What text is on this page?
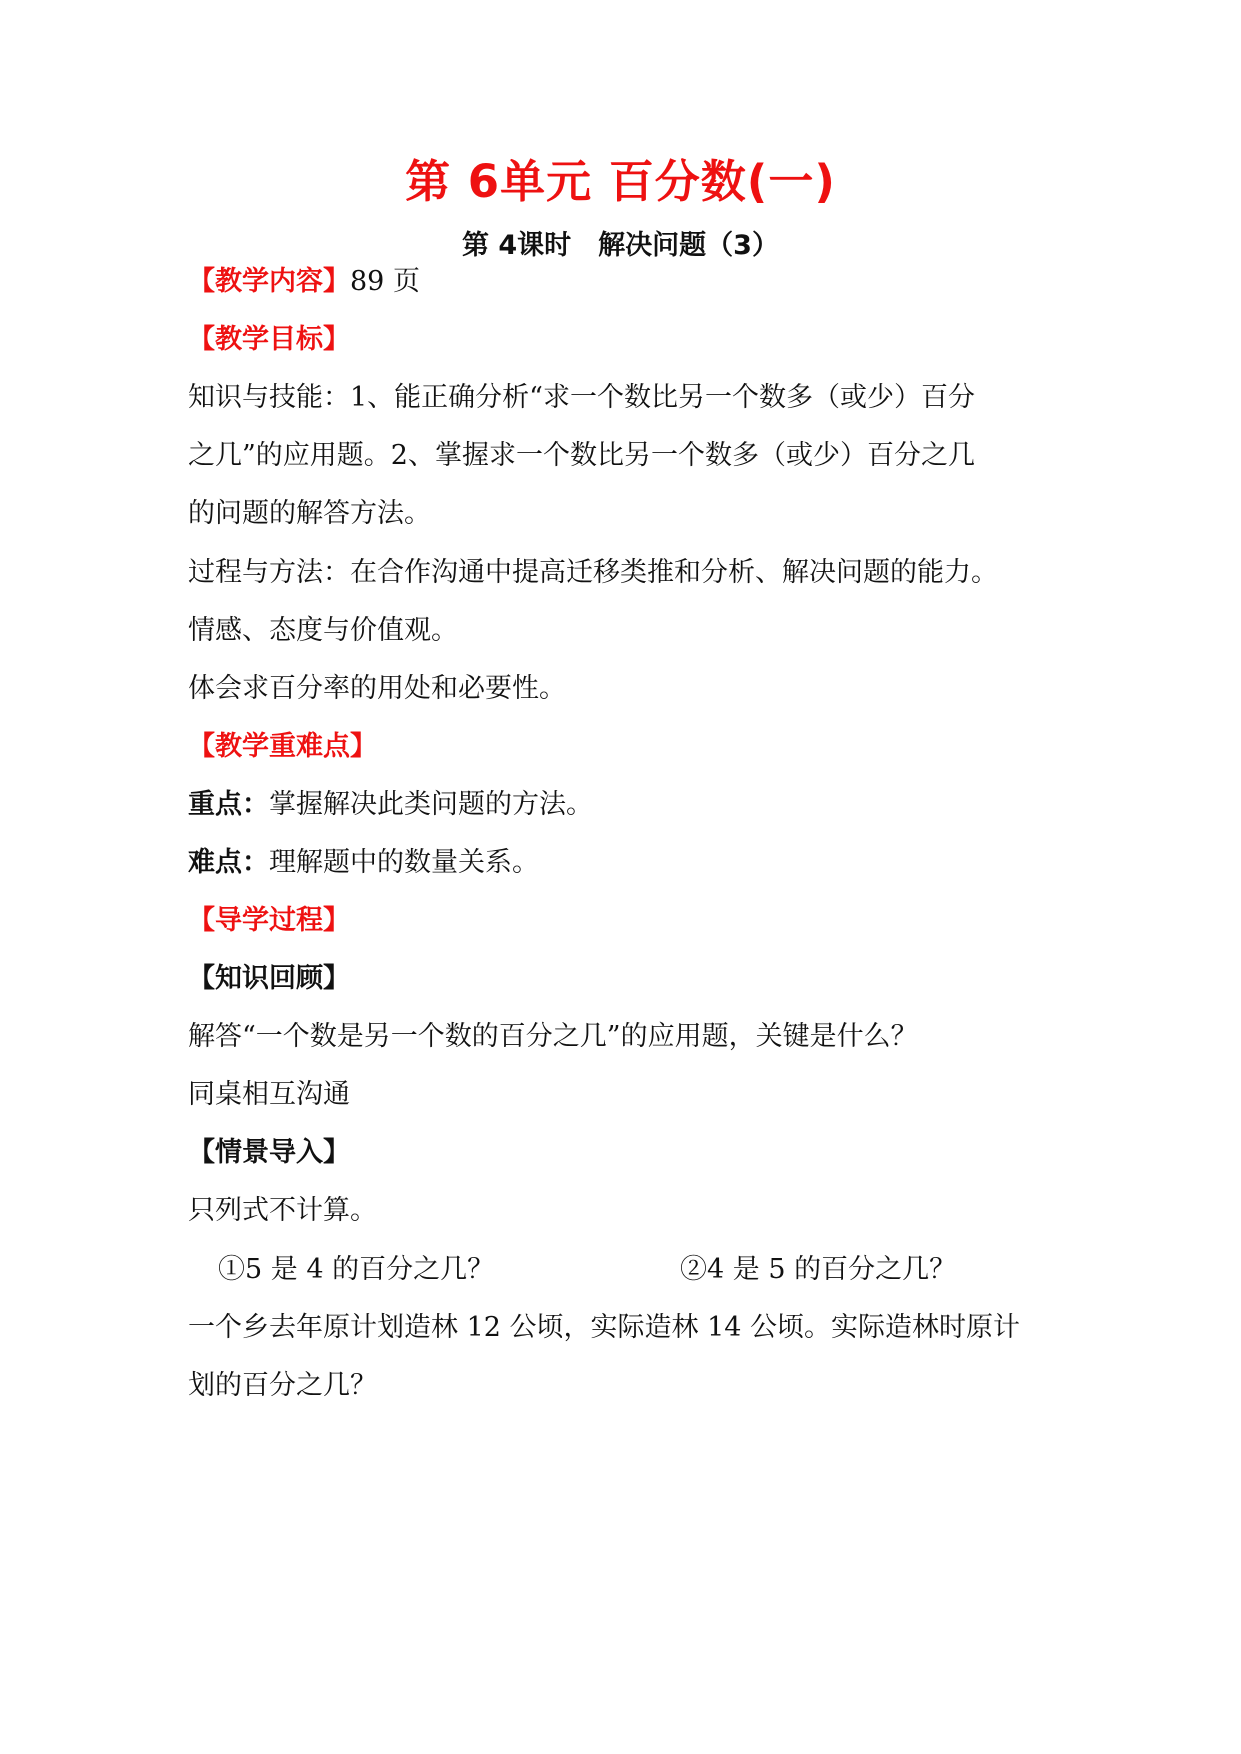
第 6单元 百分数(一)
第 4课时　解决问题（3）
【教学内容】89 页
【教学目标】
知识与技能：1、能正确分析“求一个数比另一个数多（或少）百分
之几”的应用题。2、掌握求一个数比另一个数多（或少）百分之几
的问题的解答方法。
过程与方法：在合作沟通中提高迁移类推和分析、解决问题的能力。
情感、态度与价值观。
体会求百分率的用处和必要性。
【教学重难点】
重点：掌握解决此类问题的方法。
难点：理解题中的数量关系。
【导学过程】
【知识回顾】
解答“一个数是另一个数的百分之几”的应用题，关键是什么？
同桌相互沟通
【情景导入】
只列式不计算。
①5 是 4 的百分之几？	②4 是 5 的百分之几？
一个乡去年原计划造林 12 公顷，实际造林 14 公顷。实际造林时原计
划的百分之几？
